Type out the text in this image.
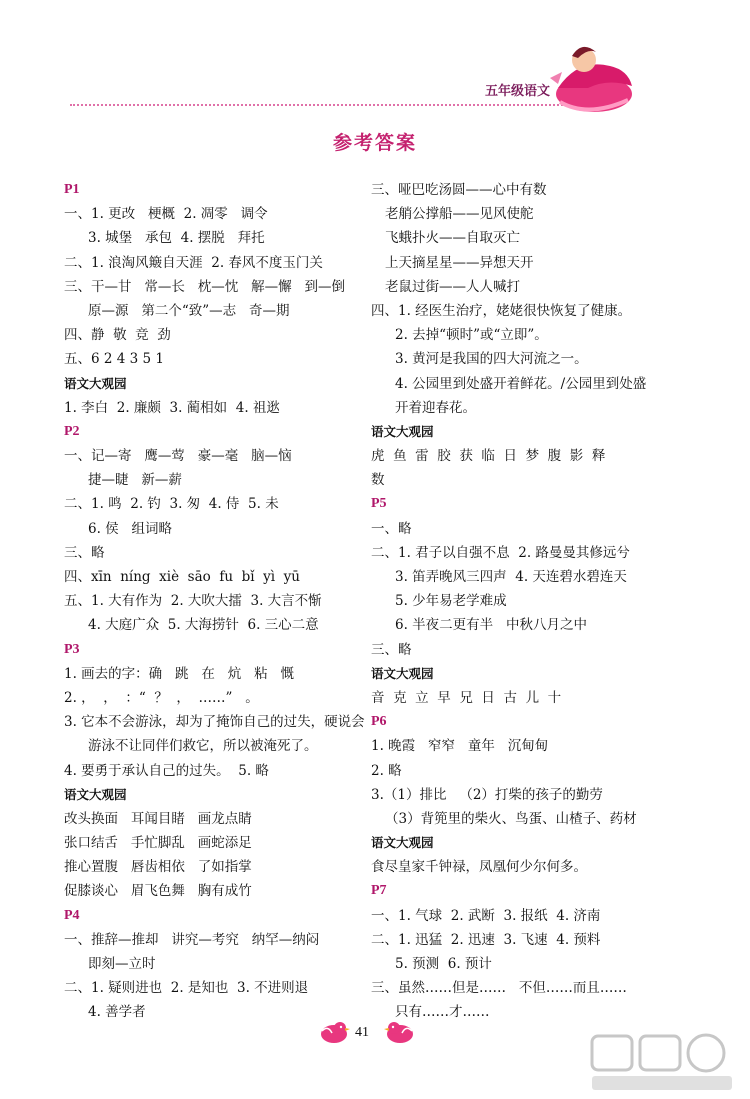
五年级语文
参考答案
P1
一、1. 更改   梗概  2. 凋零   调令
3. 城堡   承包  4. 摆脱   拜托
二、1. 浪淘风簸自天涯  2. 春风不度玉门关
三、干—甘   常—长   枕—忱   解—懈   到—倒
原—源   第二个“致”—志   奇—期
四、静  敬  竞  劲
五、6 2 4 3 5 1
语文大观园
1. 李白  2. 廉颇  3. 蔺相如  4. 祖逖
P2
一、记—寄   鹰—莺   豪—毫   脑—恼
捷—睫   新—薪
二、1. 鸣  2. 钓  3. 匆  4. 侍  5. 未
6. 侯   组词略
三、略
四、xīn  níng  xiè  sāo  fu  bǐ  yì  yū
五、1. 大有作为  2. 大吹大擂  3. 大言不惭
4. 大庭广众  5. 大海捞针  6. 三心二意
P3
1. 画去的字：确   跳   在   炕   粘   慨
2. ，  ，  ：“  ？  ，  ……”   。
3. 它本不会游泳，却为了掩饰自己的过失，硬说会
游泳不让同伴们救它，所以被淹死了。
4. 要勇于承认自己的过失。  5. 略
语文大观园
改头换面   耳闻目睹   画龙点睛
张口结舌   手忙脚乱   画蛇添足
推心置腹   唇齿相依   了如指掌
促膝谈心   眉飞色舞   胸有成竹
P4
一、推辞—推却   讲究—考究   纳罕—纳闷
即刻—立时
二、1. 疑则进也  2. 是知也  3. 不进则退
4. 善学者
三、哑巴吃汤圆——心中有数
老艄公撑船——见风使舵
飞蛾扑火——自取灭亡
上天摘星星——异想天开
老鼠过街——人人喊打
四、1. 经医生治疗，姥姥很快恢复了健康。
2. 去掉“顿时”或“立即”。
3. 黄河是我国的四大河流之一。
4. 公园里到处盛开着鲜花。/公园里到处盛
开着迎春花。
语文大观园
虎  鱼  雷  胶  获  临  日  梦  腹  影  释
数
P5
一、略
二、1. 君子以自强不息  2. 路曼曼其修远兮
3. 笛弄晚风三四声  4. 天连碧水碧连天
5. 少年易老学难成
6. 半夜二更有半   中秋八月之中
三、略
语文大观园
音  克  立  早  兄  日  古  儿  十
P6
1. 晚霞   窄窄   童年   沉甸甸
2. 略
3.（1）排比   （2）打柴的孩子的勤劳
（3）背篼里的柴火、鸟蛋、山楂子、药材
语文大观园
食尽皇家千钟禄，凤凰何少尔何多。
P7
一、1. 气球  2. 武断  3. 报纸  4. 济南
二、1. 迅猛  2. 迅速  3. 飞速  4. 预料
5. 预测  6. 预计
三、虽然……但是……   不但……而且……
只有……才……
41
